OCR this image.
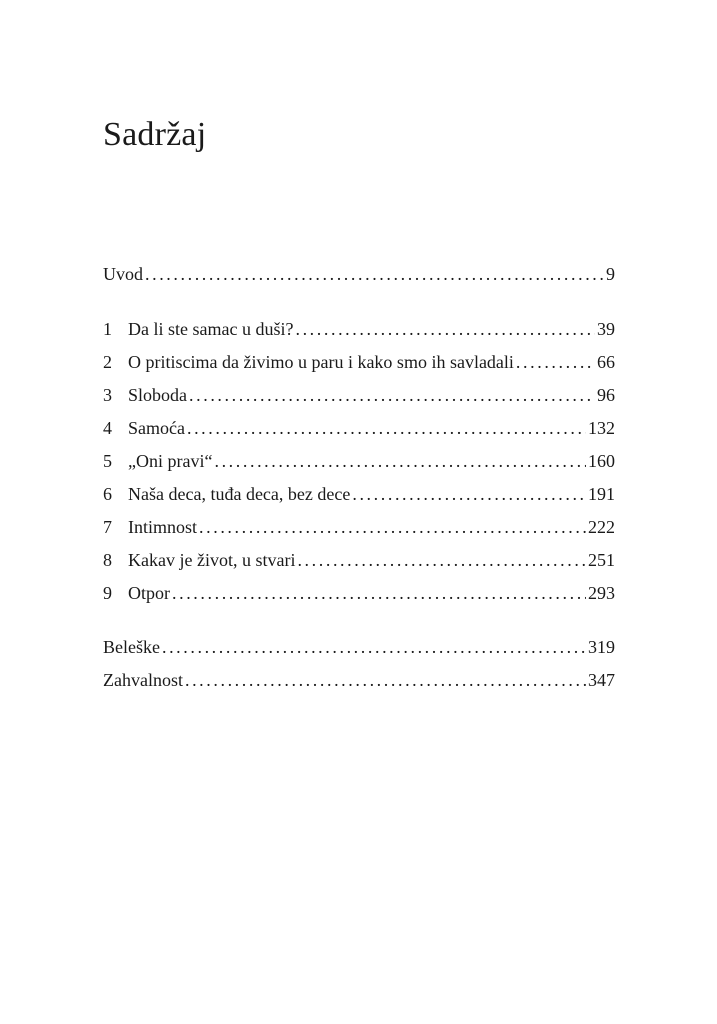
Sadržaj
Uvod .....	9
1 Da li ste samac u duši? .....	39
2 O pritiscima da živimo u paru i kako smo ih savladali .....	66
3 Sloboda .....	96
4 Samoća .....	132
5 „Oni pravi“ .....	160
6 Naša deca, tuđa deca, bez dece .....	191
7 Intimnost .....	222
8 Kakav je život, u stvari .....	251
9 Otpor .....	293
Beleške .....	319
Zahvalnost .....	347
